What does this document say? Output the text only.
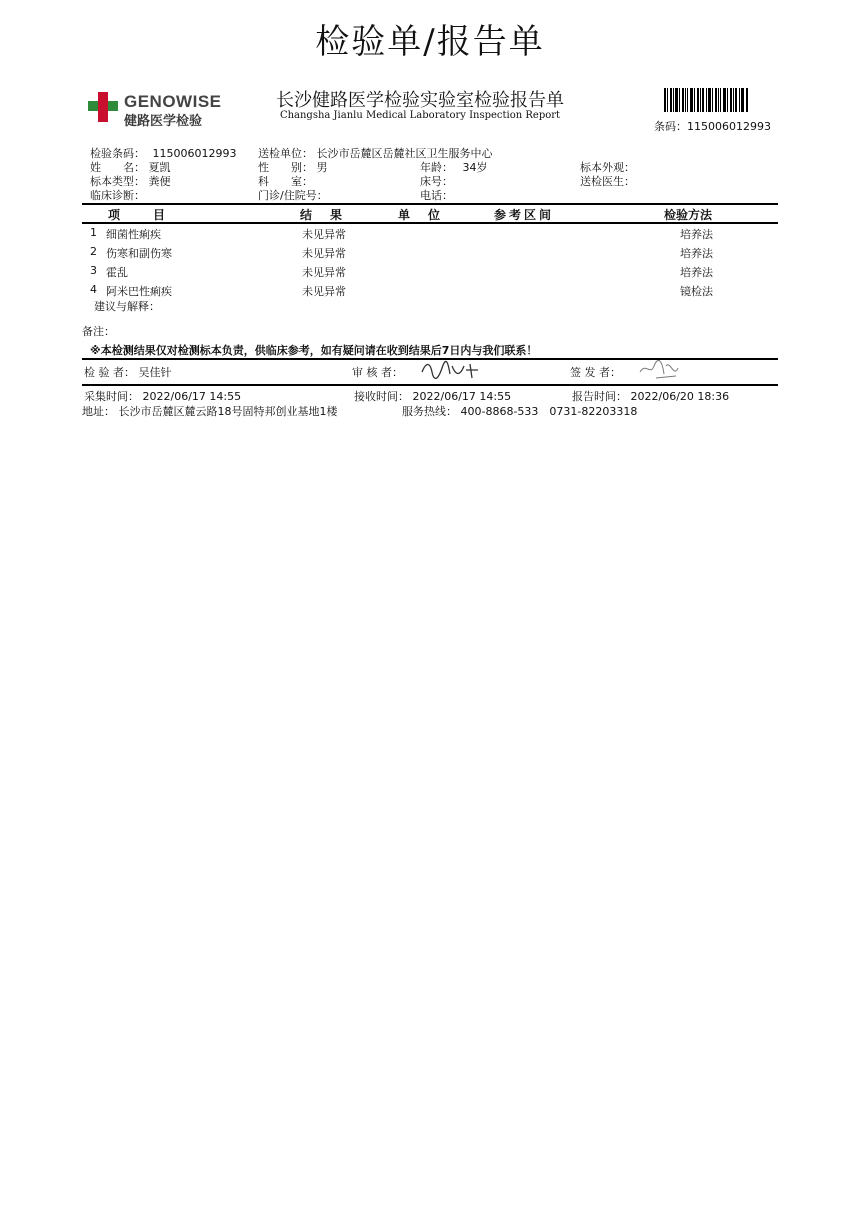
检验单/报告单
GENOWISE
健路医学检验
长沙健路医学检验实验室检验报告单
Changsha Jianlu Medical Laboratory Inspection Report
条码：115006012993
检验条码： 115006012993 送检单位： 长沙市岳麓区岳麓社区卫生服务中心
姓　　名： 夏凯	性　　别： 男	年龄： 34岁	标本外观：
标本类型： 粪便	科　　室：	床号：	送检医生：
临床诊断：	门诊/住院号：	电话：
项　　目	结　果	单　位	参考区间	检验方法
1 细菌性痢疾	未见异常	培养法
2 伤寒和副伤寒	未见异常	培养法
3 霍乱	未见异常	培养法
4 阿米巴性痢疾	未见异常	镜检法
建议与解释：
备注：
※本检测结果仅对检测标本负责，供临床参考，如有疑问请在收到结果后7日内与我们联系！
检 验 者： 吴佳针	审 核 者：	签 发 者：
采集时间： 2022/06/17 14:55	接收时间： 2022/06/17 14:55	报告时间： 2022/06/20 18:36
地址： 长沙市岳麓区麓云路18号固特邦创业基地1楼	服务热线： 400-8868-533　0731-82203318
